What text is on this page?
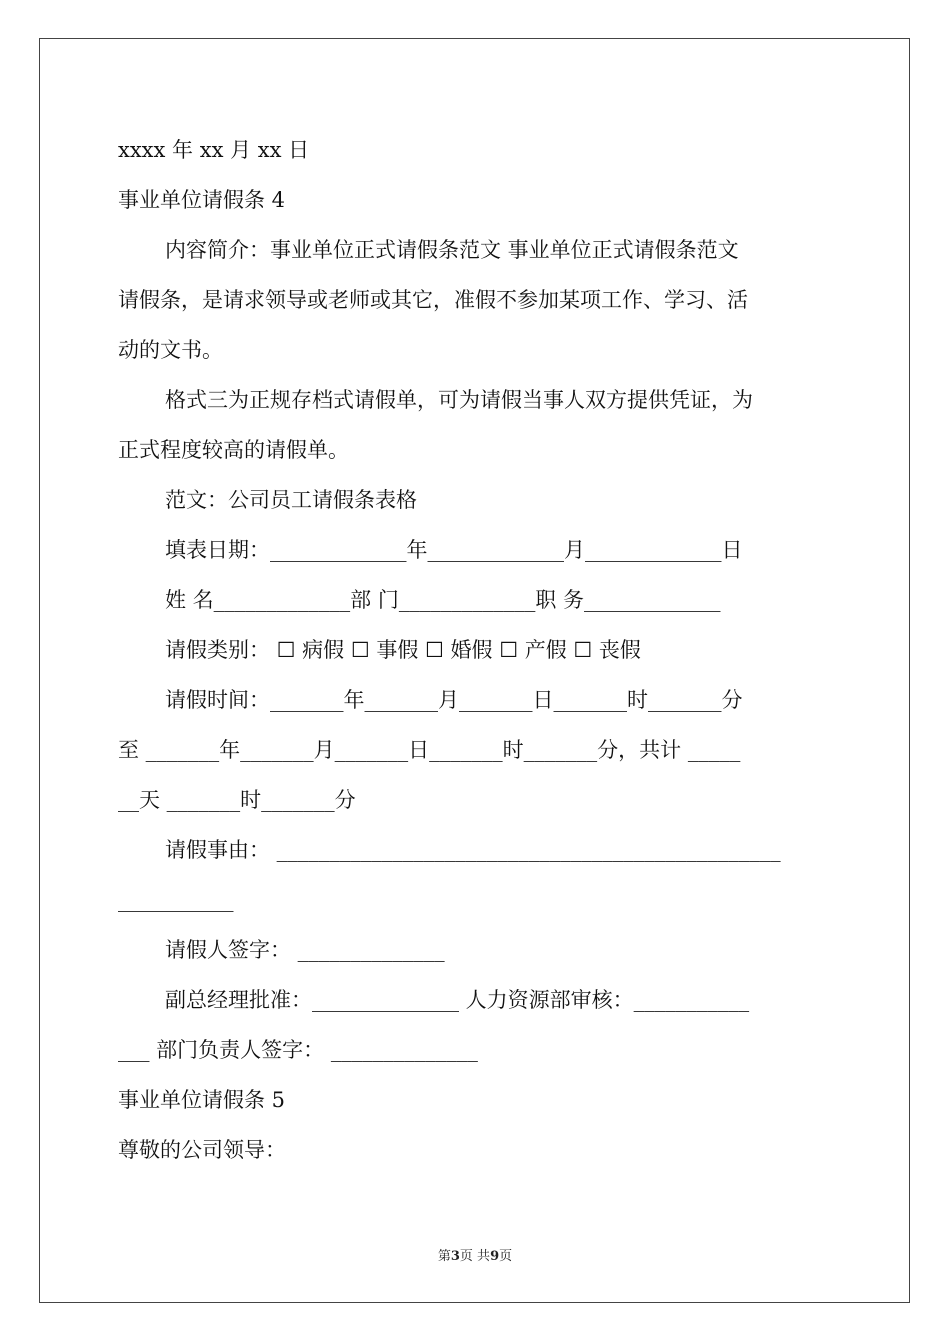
xxxx 年 xx 月 xx 日
事业单位请假条 4
内容简介：事业单位正式请假条范文 事业单位正式请假条范文
请假条，是请求领导或老师或其它，准假不参加某项工作、学习、活
动的文书。
格式三为正规存档式请假单，可为请假当事人双方提供凭证，为
正式程度较高的请假单。
范文：公司员工请假条表格
填表日期：_____________年_____________月_____________日
姓 名_____________部 门_____________职 务_____________
请假类别： ☐ 病假 ☐ 事假 ☐ 婚假 ☐ 产假 ☐ 丧假
请假时间：_______年_______月_______日_______时_______分
至 _______年_______月_______日_______时_______分，共计 _____
__天 _______时_______分
请假事由： ________________________________________________
___________
请假人签字： ______________
副总经理批准：______________ 人力资源部审核：___________
___ 部门负责人签字： ______________
事业单位请假条 5
尊敬的公司领导：
第3页 共9页
